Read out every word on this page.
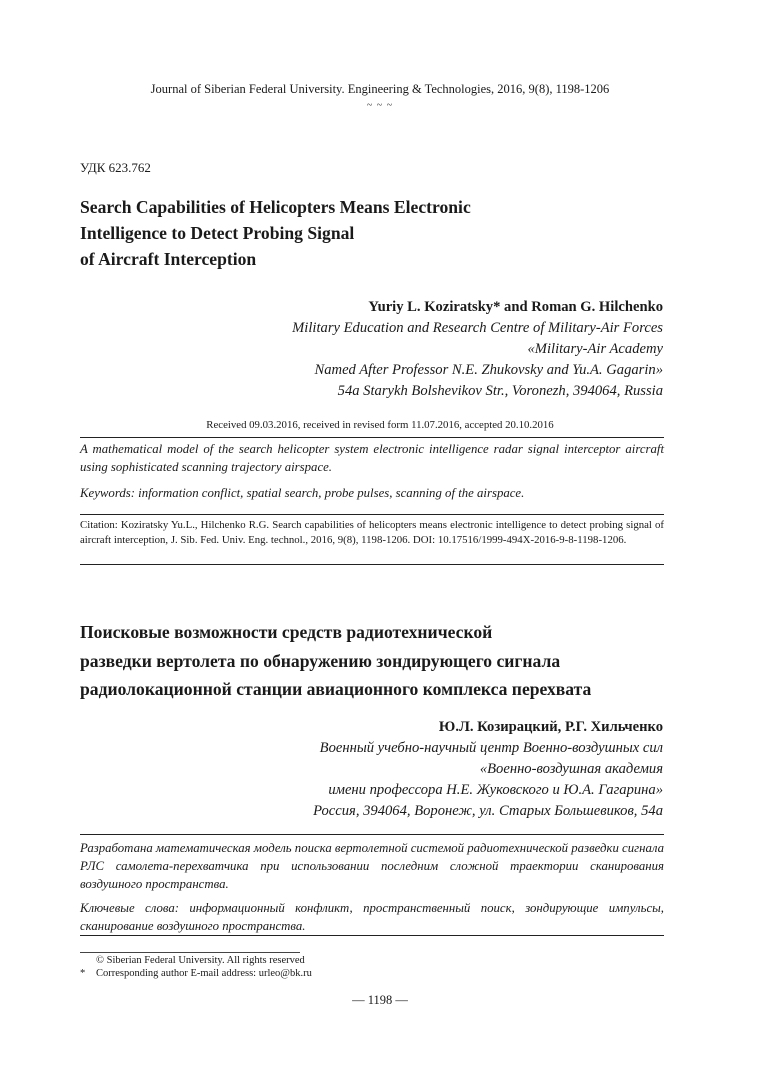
Journal of Siberian Federal University. Engineering & Technologies, 2016, 9(8), 1198-1206
~ ~ ~
УДК 623.762
Search Capabilities of Helicopters Means Electronic
Intelligence to Detect Probing Signal
of Aircraft Interception
Yuriy L. Koziratsky* and Roman G. Hilchenko
Military Education and Research Centre of Military-Air Forces
«Military-Air Academy
Named After Professor N.E. Zhukovsky and Yu.A. Gagarin»
54a Starykh Bolshevikov Str., Voronezh, 394064, Russia
Received 09.03.2016, received in revised form 11.07.2016, accepted 20.10.2016
A mathematical model of the search helicopter system electronic intelligence radar signal interceptor aircraft using sophisticated scanning trajectory airspace.
Keywords: information conflict, spatial search, probe pulses, scanning of the airspace.
Citation: Kozirаtsky Yu.L., Hilchenko R.G. Search capabilities of helicopters means electronic intelligence to detect probing signal of aircraft interception, J. Sib. Fed. Univ. Eng. technol., 2016, 9(8), 1198-1206. DOI: 10.17516/1999-494X-2016-9-8-1198-1206.
Поисковые возможности средств радиотехнической
разведки вертолета по обнаружению зондирующего сигнала
радиолокационной станции авиационного комплекса перехвата
Ю.Л. Козирацкий, Р.Г. Хильченко
Военный учебно-научный центр Военно-воздушных сил
«Военно-воздушная академия
имени профессора Н.Е. Жуковского и Ю.А. Гагарина»
Россия, 394064, Воронеж, ул. Старых Большевиков, 54а
Разработана математическая модель поиска вертолетной системой радиотехнической разведки сигнала РЛС самолета-перехватчика при использовании последним сложной траектории сканирования воздушного пространства.
Ключевые слова: информационный конфликт, пространственный поиск, зондирующие импульсы, сканирование воздушного пространства.
© Siberian Federal University. All rights reserved
* Corresponding author E-mail address: urleo@bk.ru
— 1198 —
